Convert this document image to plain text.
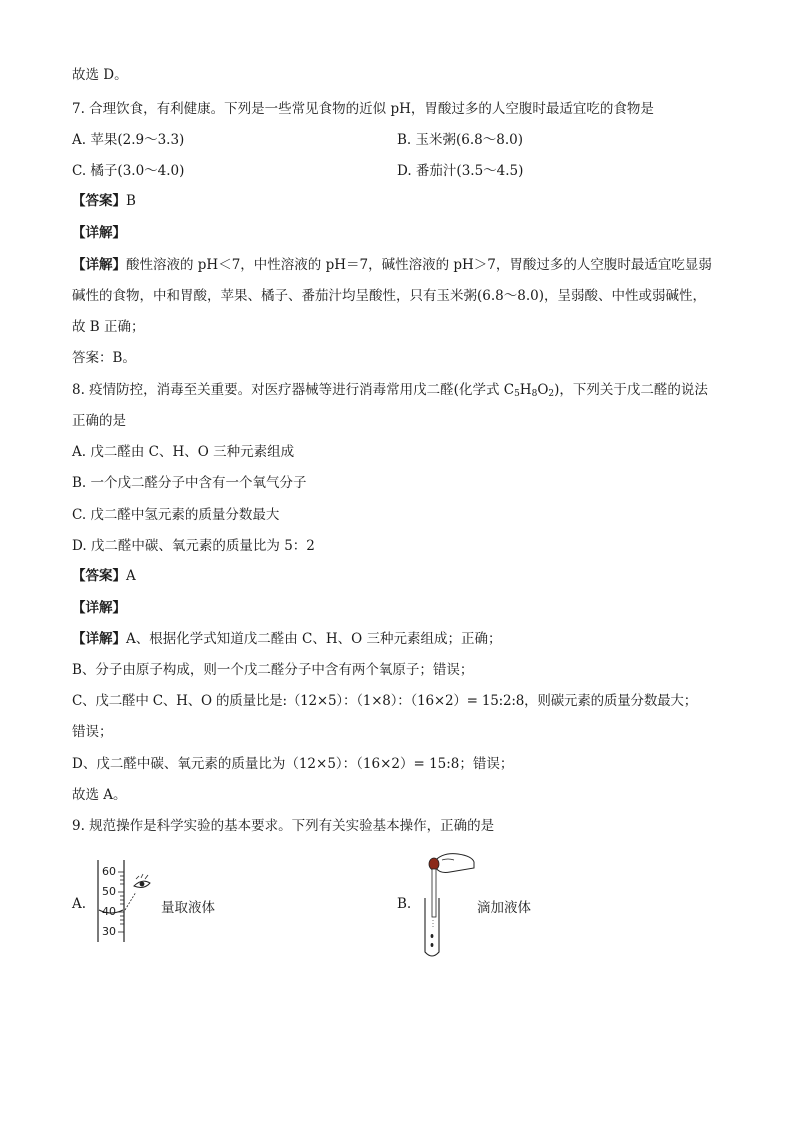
故选 D。
7. 合理饮食，有利健康。下列是一些常见食物的近似 pH，胃酸过多的人空腹时最适宜吃的食物是
A. 苹果(2.9～3.3)	B. 玉米粥(6.8～8.0)
C. 橘子(3.0～4.0)	D. 番茄汁(3.5～4.5)
【答案】B
【详解】
【详解】酸性溶液的 pH＜7，中性溶液的 pH＝7，碱性溶液的 pH＞7，胃酸过多的人空腹时最适宜吃显弱
碱性的食物，中和胃酸，苹果、橘子、番茄汁均呈酸性，只有玉米粥(6.8～8.0)，呈弱酸、中性或弱碱性，
故 B 正确；
答案：B。
8. 疫情防控，消毒至关重要。对医疗器械等进行消毒常用戊二醛(化学式 $C_5H_8O_2$)，下列关于戊二醛的说法
正确的是
A. 戊二醛由 C、H、O 三种元素组成
B. 一个戊二醛分子中含有一个氧气分子
C. 戊二醛中氢元素的质量分数最大
D. 戊二醛中碳、氧元素的质量比为 5：2
【答案】A
【详解】
【详解】A、根据化学式知道戊二醛由 C、H、O 三种元素组成；正确；
B、分子由原子构成，则一个戊二醛分子中含有两个氧原子；错误；
C、戊二醛中 C、H、O 的质量比是:（12×5）：（1×8）：（16×2）= 15:2:8，则碳元素的质量分数最大；
错误；
D、戊二醛中碳、氧元素的质量比为（12×5）：（16×2）= 15:8；错误；
故选 A。
9. 规范操作是科学实验的基本要求。下列有关实验基本操作，正确的是
A.
60
50
40
30
量取液体	B.	滴加液体
